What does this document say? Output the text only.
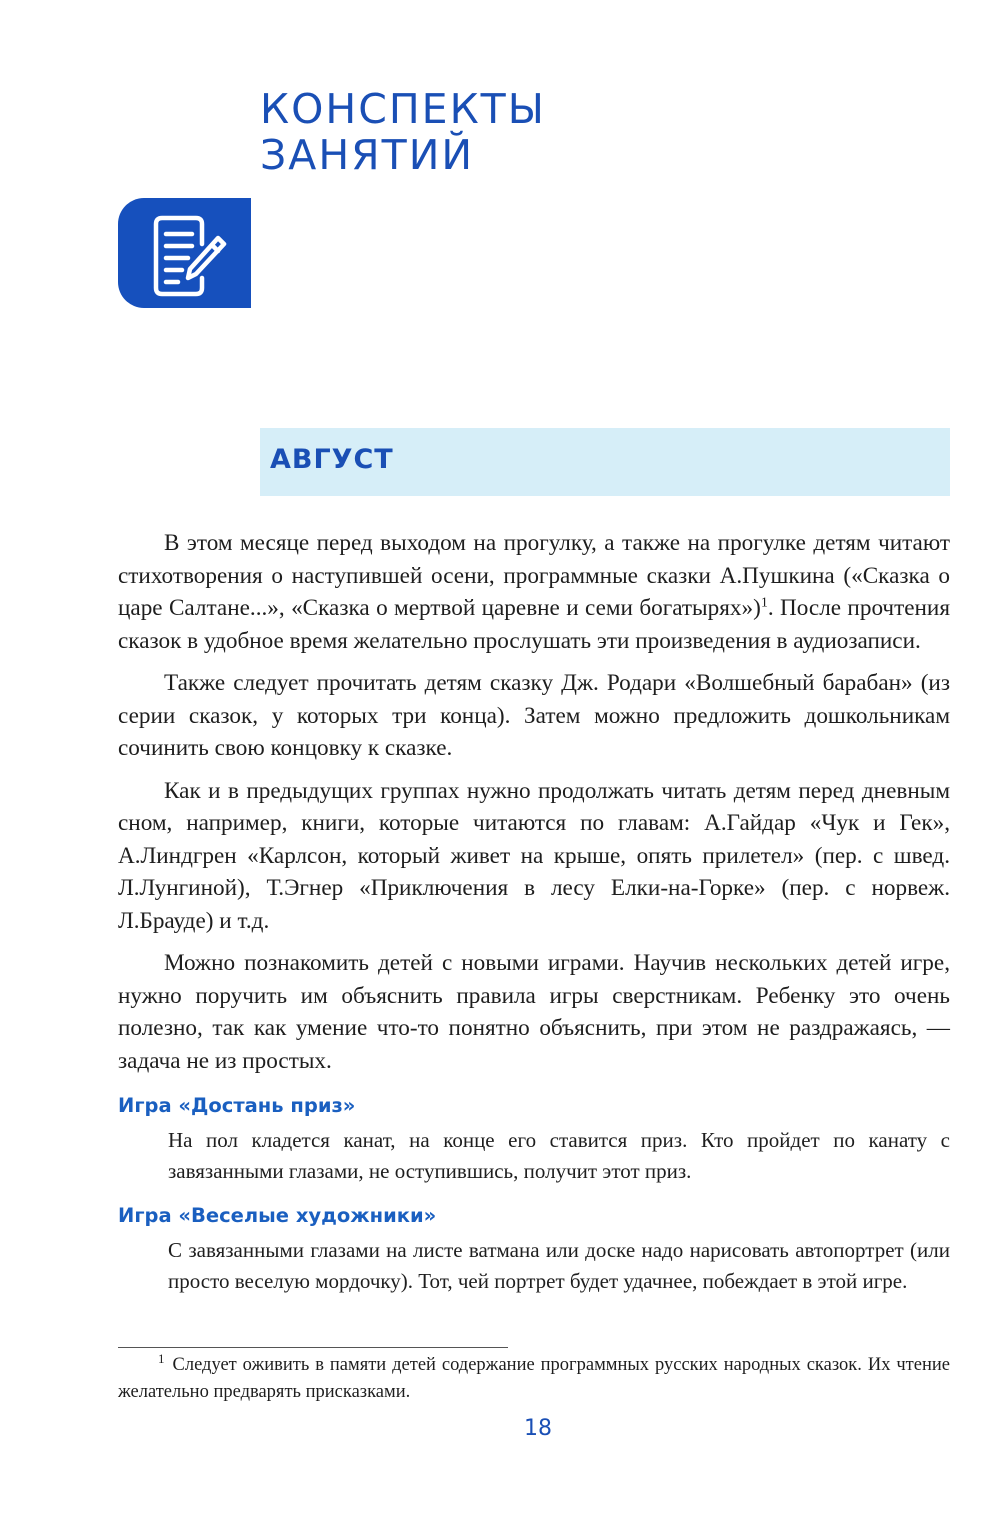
КОНСПЕКТЫ
ЗАНЯТИЙ
АВГУСТ

В этом месяце перед выходом на прогулку, а также на прогулке детям читают стихотворения о наступившей осени, программные сказки А.Пушкина («Сказка о царе Салтане...», «Сказка о мертвой царевне и семи богатырях»)$^1$. После прочтения сказок в удобное время желательно прослушать эти произведения в аудиозаписи.

Также следует прочитать детям сказку Дж. Родари «Волшебный барабан» (из серии сказок, у которых три конца). Затем можно предложить дошкольникам сочинить свою концовку к сказке.

Как и в предыдущих группах нужно продолжать читать детям перед дневным сном, например, книги, которые читаются по главам: А.Гайдар «Чук и Гек», А.Линдгрен «Карлсон, который живет на крыше, опять прилетел» (пер. с швед. Л.Лунгиной), Т.Эгнер «Приключения в лесу Елки-на-Горке» (пер. с норвеж. Л.Брауде) и т.д.

Можно познакомить детей с новыми играми. Научив нескольких детей игре, нужно поручить им объяснить правила игры сверстникам. Ребенку это очень полезно, так как умение что-то понятно объяснить, при этом не раздражаясь, — задача не из простых.

Игра «Достань приз»

На пол кладется канат, на конце его ставится приз. Кто пройдет по канату с завязанными глазами, не оступившись, получит этот приз.

Игра «Веселые художники»

С завязанными глазами на листе ватмана или доске надо нарисовать автопортрет (или просто веселую мордочку). Тот, чей портрет будет удачнее, побеждает в этой игре.

$^1$ Следует оживить в памяти детей содержание программных русских народных сказок. Их чтение желательно предварять присказками.

18
